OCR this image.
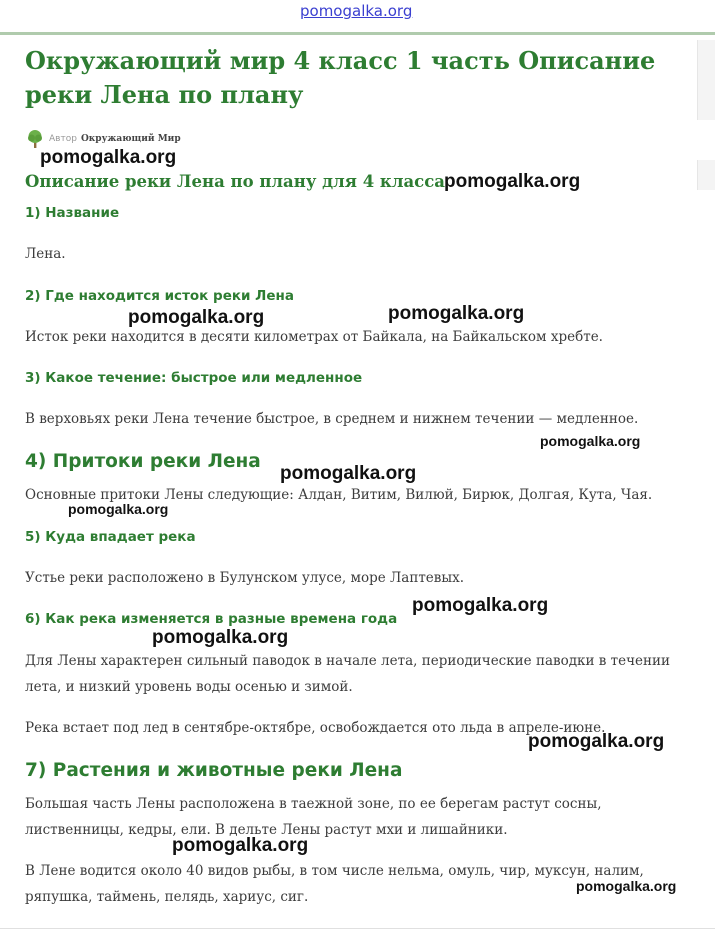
pomogalka.org
Окружающий мир 4 класс 1 часть Описание реки Лена по плану
Автор Окружающий Мир
Описание реки Лена по плану для 4 класса
1) Название

Лена.

2) Где находится исток реки Лена

Исток реки находится в десяти километрах от Байкала, на Байкальском хребте.

3) Какое течение: быстрое или медленное

В верховьях реки Лена течение быстрое, в среднем и нижнем течении — медленное.

4) Притоки реки Лена

Основные притоки Лены следующие: Алдан, Витим, Вилюй, Бирюк, Долгая, Кута, Чая.

5) Куда впадает река

Устье реки расположено в Булунском улусе, море Лаптевых.

6) Как река изменяется в разные времена года

Для Лены характерен сильный паводок в начале лета, периодические паводки в течении лета, и низкий уровень воды осенью и зимой.

Река встает под лед в сентябре-октябре, освобождается ото льда в апреле-июне.

7) Растения и животные реки Лена

Большая часть Лены расположена в таежной зоне, по ее берегам растут сосны, лиственницы, кедры, ели. В дельте Лены растут мхи и лишайники.

В Лене водится около 40 видов рыбы, в том числе нельма, омуль, чир, муксун, налим, ряпушка, таймень, пелядь, хариус, сиг.

pomogalka.org
pomogalka.org
pomogalka.org
pomogalka.org
pomogalka.org
pomogalka.org
pomogalka.org
pomogalka.org
pomogalka.org
pomogalka.org
pomogalka.org
pomogalka.org
